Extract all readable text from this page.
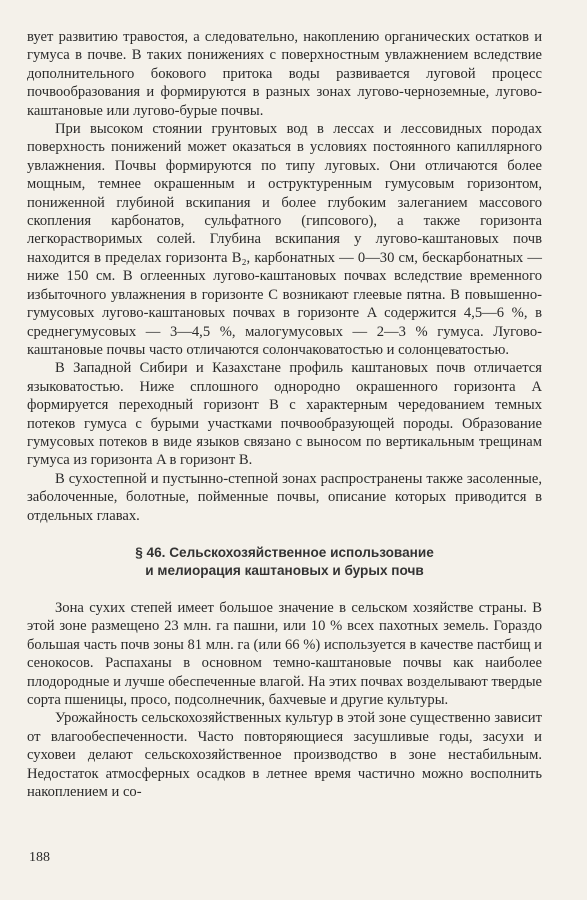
вует развитию травостоя, а следовательно, накоплению органических остатков и гумуса в почве. В таких понижениях с поверхностным увлажнением вследствие дополнительного бокового притока воды развивается луговой процесс почвообразования и формируются в разных зонах лугово-черноземные, лугово-каштановые или лугово-бурые почвы.

При высоком стоянии грунтовых вод в лессах и лессовидных породах поверхность понижений может оказаться в условиях постоянного капиллярного увлажнения. Почвы формируются по типу луговых. Они отличаются более мощным, темнее окрашенным и оструктуренным гумусовым горизонтом, пониженной глубиной вскипания и более глубоким залеганием массового скопления карбонатов, сульфатного (гипсового), а также горизонта легкорастворимых солей. Глубина вскипания у лугово-каштановых почв находится в пределах горизонта B₂, карбонатных — 0—30 см, бескарбонатных — ниже 150 см. В оглеенных лугово-каштановых почвах вследствие временного избыточного увлажнения в горизонте C возникают глеевые пятна. В повышенно-гумусовых лугово-каштановых почвах в горизонте A содержится 4,5—6 %, в среднегумусовых — 3—4,5 %, малогумусовых — 2—3 % гумуса. Лугово-каштановые почвы часто отличаются солончаковатостью и солонцеватостью.

В Западной Сибири и Казахстане профиль каштановых почв отличается языковатостью. Ниже сплошного однородно окрашенного горизонта A формируется переходный горизонт B с характерным чередованием темных потеков гумуса с бурыми участками почвообразующей породы. Образование гумусовых потеков в виде языков связано с выносом по вертикальным трещинам гумуса из горизонта A в горизонт B.

В сухостепной и пустынно-степной зонах распространены также засоленные, заболоченные, болотные, пойменные почвы, описание которых приводится в отдельных главах.

§ 46. Сельскохозяйственное использование
и мелиорация каштановых и бурых почв

Зона сухих степей имеет большое значение в сельском хозяйстве страны. В этой зоне размещено 23 млн. га пашни, или 10 % всех пахотных земель. Гораздо большая часть почв зоны 81 млн. га (или 66 %) используется в качестве пастбищ и сенокосов. Распаханы в основном темно-каштановые почвы как наиболее плодородные и лучше обеспеченные влагой. На этих почвах возделывают твердые сорта пшеницы, просо, подсолнечник, бахчевые и другие культуры.

Урожайность сельскохозяйственных культур в этой зоне существенно зависит от влагообеспеченности. Часто повторяющиеся засушливые годы, засухи и суховеи делают сельскохозяйственное производство в зоне нестабильным. Недостаток атмосферных осадков в летнее время частично можно восполнить накоплением и со-

188
